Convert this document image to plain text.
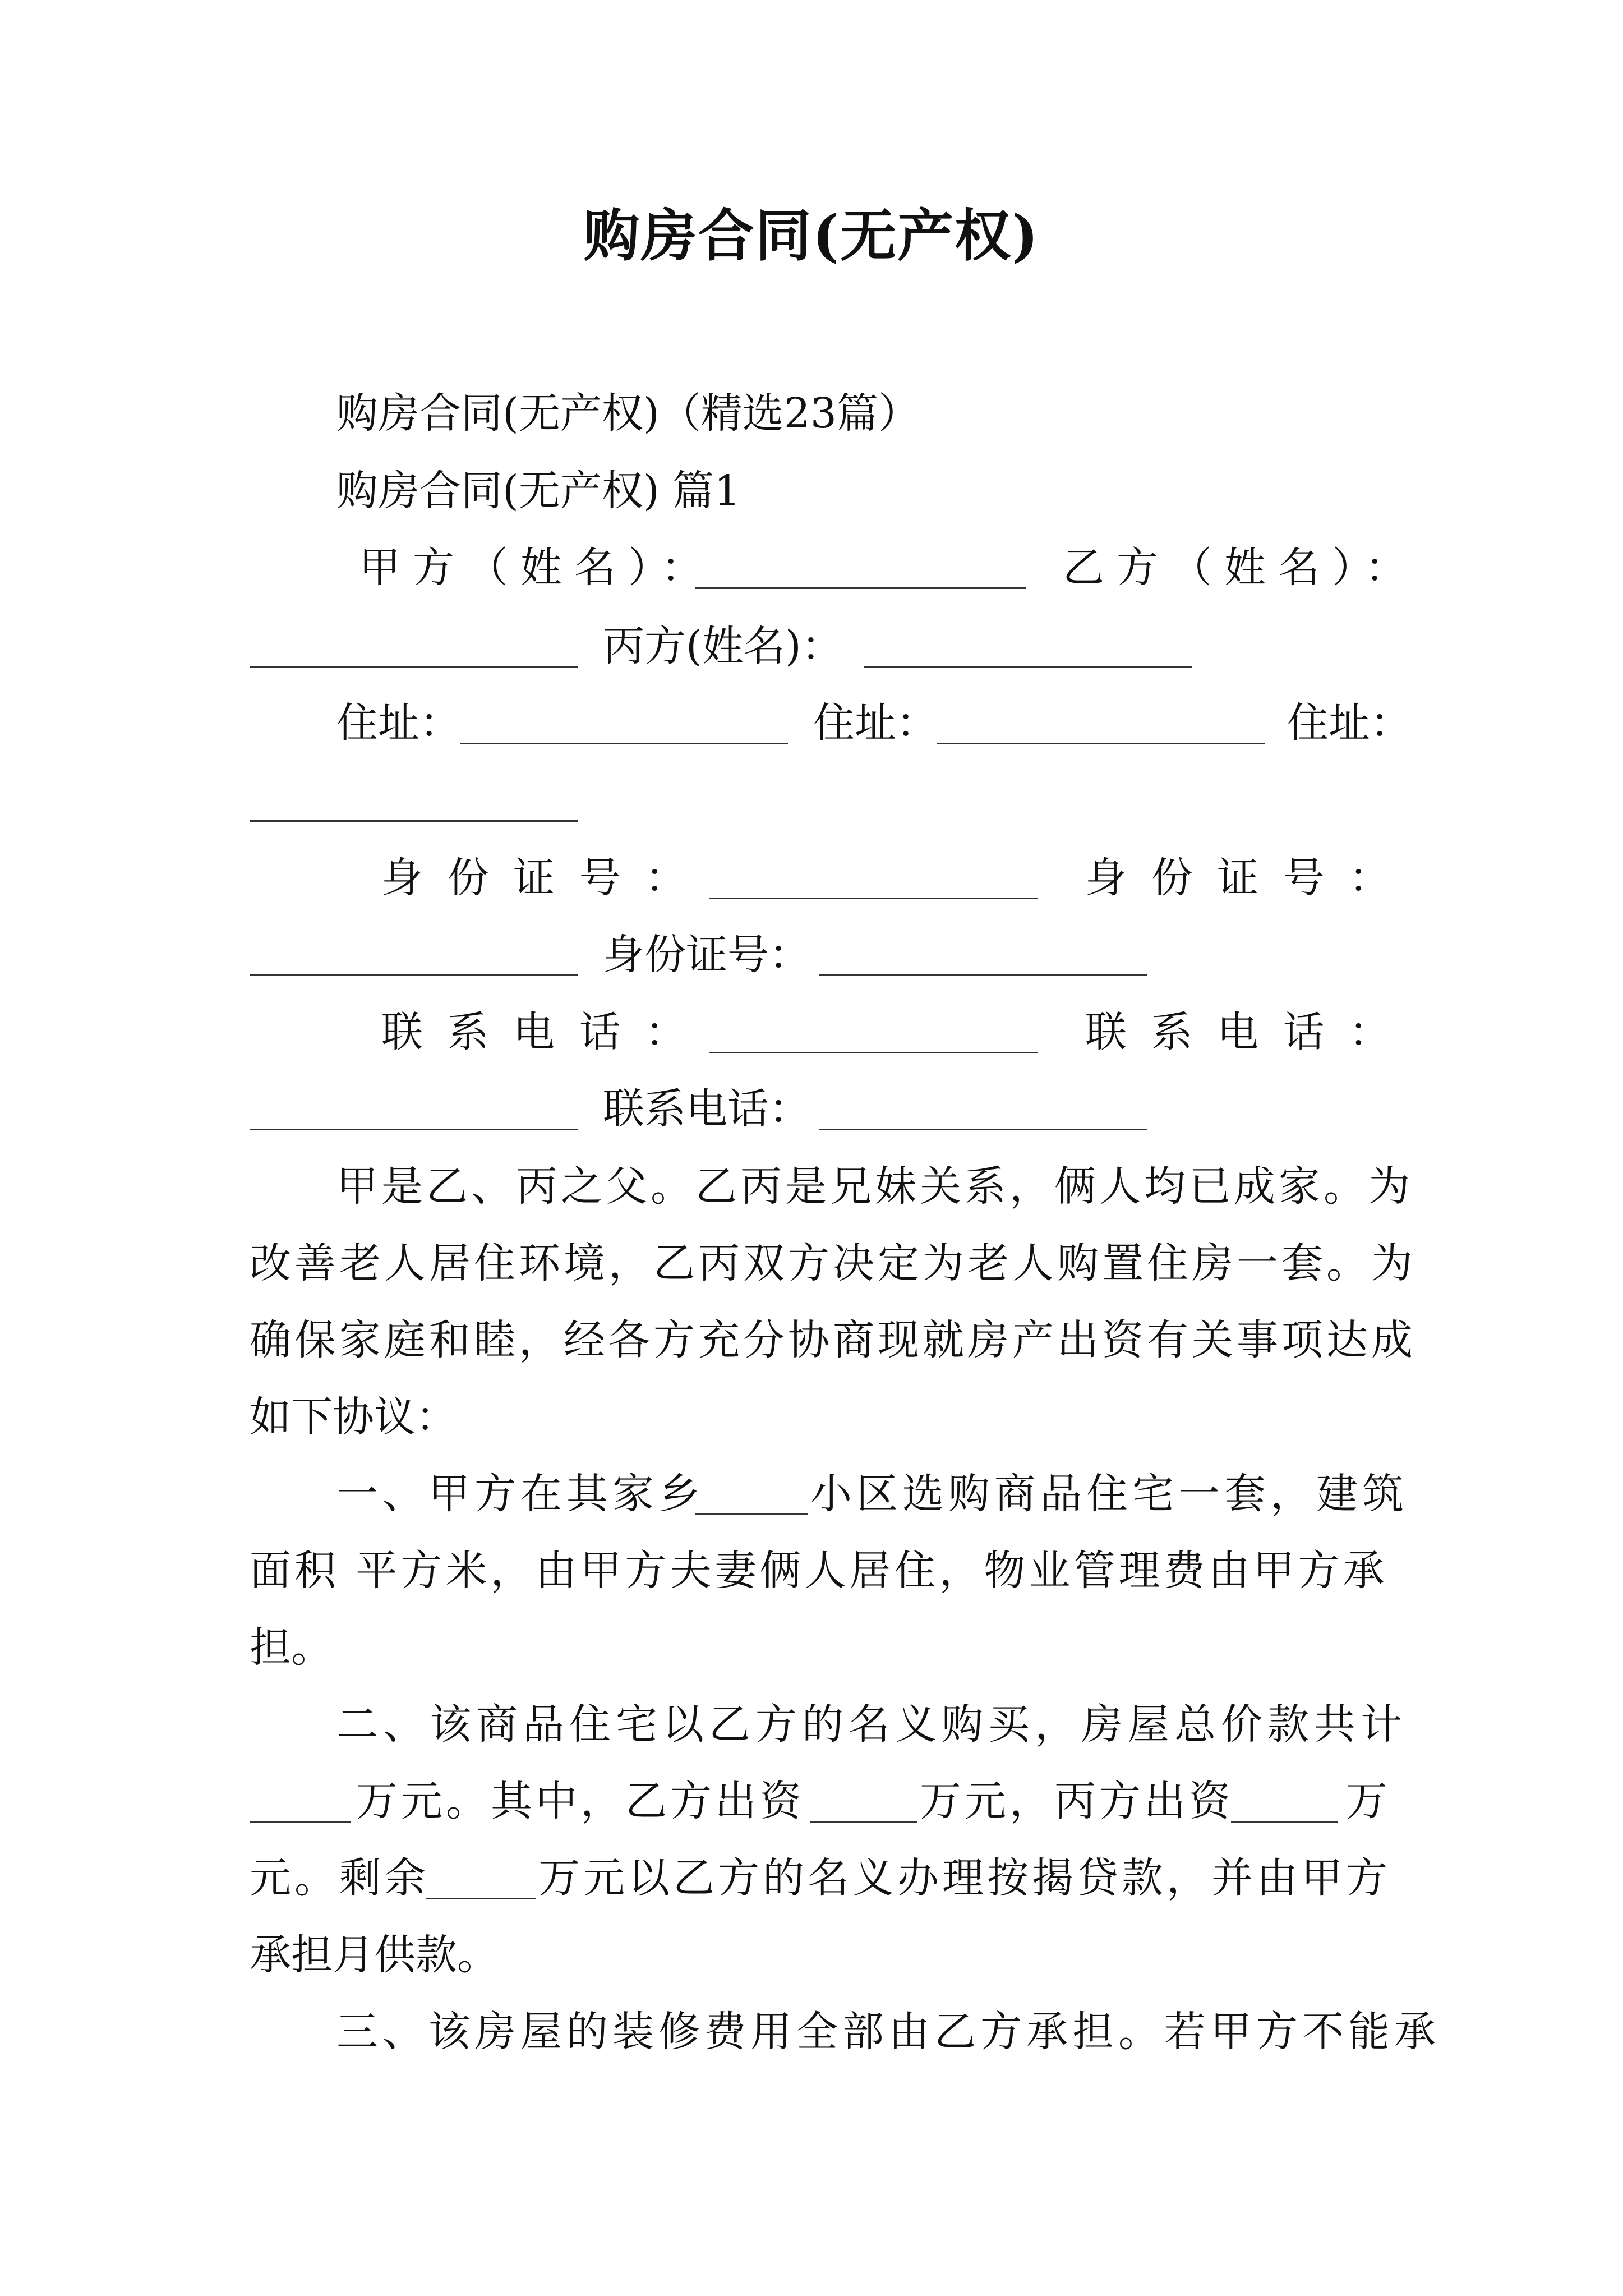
购房合同(无产权)
购房合同(无产权)（精选23篇）
购房合同(无产权) 篇1
甲方（姓名）：	乙方（姓名）：
丙方(姓名)：
住址：	住址：	住址：
身 份 证 号 ：	身 份 证 号 ：
身份证号：
联 系 电 话 ：	联 系 电 话 ：
联系电话：
甲是乙、丙之父。乙丙是兄妹关系，俩人均已成家。为
改善老人居住环境，乙丙双方决定为老人购置住房一套。为
确保家庭和睦，经各方充分协商现就房产出资有关事项达成
如下协议：
一、甲方在其家乡	小区选购商品住宅一套，建筑
面积 平方米，由甲方夫妻俩人居住，物业管理费由甲方承
担。
二、该商品住宅以乙方的名义购买，房屋总价款共计
万元。其中，乙方出资	万元，丙方出资	万
元。剩余	万元以乙方的名义办理按揭贷款，并由甲方
承担月供款。
三、该房屋的装修费用全部由乙方承担。若甲方不能承
